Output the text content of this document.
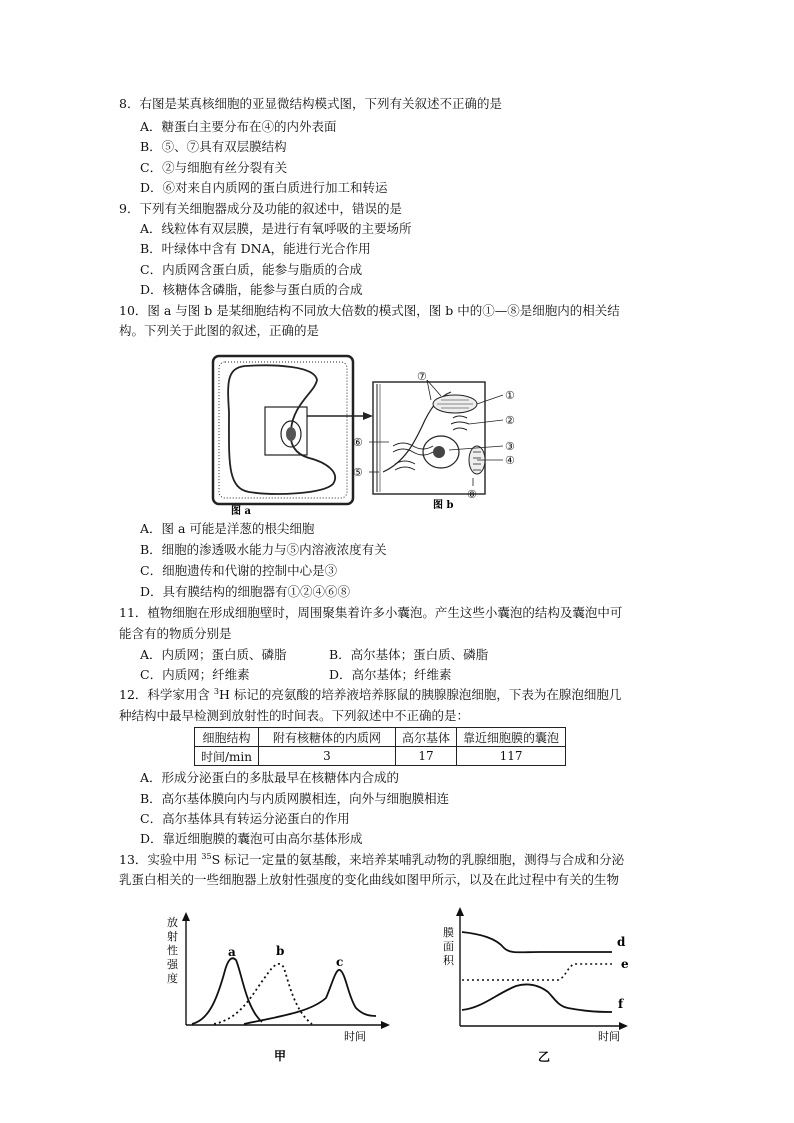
8．右图是某真核细胞的亚显微结构模式图，下列有关叙述不正确的是
A．糖蛋白主要分布在④的内外表面
B．⑤、⑦具有双层膜结构
C．②与细胞有丝分裂有关
D．⑥对来自内质网的蛋白质进行加工和转运
9．下列有关细胞器成分及功能的叙述中，错误的是
A．线粒体有双层膜，是进行有氧呼吸的主要场所
B．叶绿体中含有 DNA，能进行光合作用
C．内质网含蛋白质，能参与脂质的合成
D．核糖体含磷脂，能参与蛋白质的合成
10．图 a 与图 b 是某细胞结构不同放大倍数的模式图，图 b 中的①—⑧是细胞内的相关结
构。下列关于此图的叙述，正确的是
⑦
①
②
⑥	③
④
⑤
⑧
图 a
图 b
A．图 a 可能是洋葱的根尖细胞
B．细胞的渗透吸水能力与⑤内溶液浓度有关
C．细胞遗传和代谢的控制中心是③
D．具有膜结构的细胞器有①②④⑥⑧
11．植物细胞在形成细胞壁时，周围聚集着许多小囊泡。产生这些小囊泡的结构及囊泡中可
能含有的物质分别是
A．内质网；蛋白质、磷脂	B．高尔基体；蛋白质、磷脂
C．内质网；纤维素	D．高尔基体；纤维素
12．科学家用含 $^3$H 标记的亮氨酸的培养液培养豚鼠的胰腺腺泡细胞，下表为在腺泡细胞几
种结构中最早检测到放射性的时间表。下列叙述中不正确的是：
细胞结构	附有核糖体的内质网	高尔基体	靠近细胞膜的囊泡
时间/min	3	17	117
A．形成分泌蛋白的多肽最早在核糖体内合成的
B．高尔基体膜向内与内质网膜相连，向外与细胞膜相连
C．高尔基体具有转运分泌蛋白的作用
D．靠近细胞膜的囊泡可由高尔基体形成
13．实验中用 $^{35}$S 标记一定量的氨基酸，来培养某哺乳动物的乳腺细胞，测得与合成和分泌
乳蛋白相关的一些细胞器上放射性强度的变化曲线如图甲所示，以及在此过程中有关的生物
放
射
性
强
度
a	b
c
时间
甲
膜
面
积
d
e
f
时间
乙
